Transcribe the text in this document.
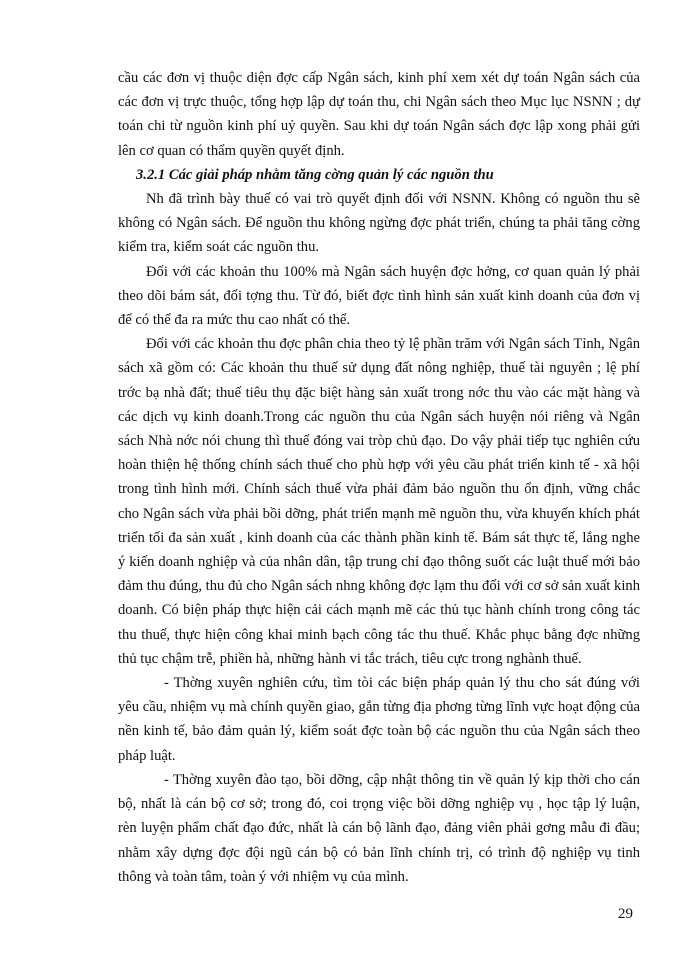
cầu các đơn vị thuộc diện đợc cấp Ngân sách, kinh phí xem xét dự toán Ngân sách của các đơn vị trực thuộc, tổng hợp lập dự toán thu, chi Ngân sách theo Mục lục NSNN ; dự toán chi từ nguồn kinh phí uỷ quyền. Sau khi dự toán Ngân sách đợc lập xong phải gửi lên cơ quan có thẩm quyền quyết định.

3.2.1 Các giải pháp nhằm tăng cờng quản lý các nguồn thu

Nh đã trình bày thuế có vai trò quyết định đối với NSNN. Không có nguồn thu sẽ không có Ngân sách. Để nguồn thu không ngừng đợc phát triển, chúng ta phải tăng cờng kiểm tra, kiểm soát các nguồn thu.

Đối với các khoản thu 100% mà Ngân sách huyện đợc hởng, cơ quan quản lý phải theo dõi bám sát, đối tợng thu. Từ đó, biết đợc tình hình sản xuất kinh doanh của đơn vị để có thể đa ra mức thu cao nhất có thể.

Đối với các khoản thu đợc phân chia theo tỷ lệ phần trăm với Ngân sách Tỉnh, Ngân sách xã gồm có: Các khoản thu thuế sử dụng đất nông nghiệp, thuế tài nguyên ; lệ phí trớc bạ nhà đất; thuế tiêu thụ đặc biệt hàng sản xuất trong nớc thu vào các mặt hàng và các dịch vụ kinh doanh.Trong các nguồn thu của Ngân sách huyện nói riêng và Ngân sách Nhà nớc nói chung thì thuế đóng vai tròp chủ đạo. Do vậy phải tiếp tục nghiên cứu hoàn thiện hệ thống chính sách thuế cho phù hợp với yêu cầu phát triển kinh tế - xã hội trong tình hình mới. Chính sách thuế vừa phải đảm bảo nguồn thu ổn định, vững chắc cho Ngân sách vừa phải bồi dỡng, phát triển mạnh mẽ nguồn thu, vừa khuyến khích phát triển tối đa sản xuất , kinh doanh của các thành phần kinh tế. Bám sát thực tế, lắng nghe ý kiến doanh nghiệp và của nhân dân, tập trung chỉ đạo thông suốt các luật thuế mới bảo đảm thu đúng, thu đủ cho Ngân sách nhng không đợc lạm thu đối với cơ sở sản xuất kinh doanh. Có biện pháp thực hiện cải cách mạnh mẽ các thủ tục hành chính trong công tác thu thuế, thực hiện công khai minh bạch công tác thu thuế. Khắc phục bằng đợc những thủ tục chậm trễ, phiền hà, những hành vi tắc trách, tiêu cực trong nghành thuế.

- Thờng xuyên nghiên cứu, tìm tòi các biện pháp quản lý thu cho sát đúng với yêu cầu, nhiệm vụ mà chính quyền giao, gắn từng địa phơng từng lĩnh vực hoạt động của nền kinh tế, bảo đảm quản lý, kiểm soát đợc toàn bộ các nguồn thu của Ngân sách theo pháp luật.

- Thờng xuyên đào tạo, bồi dỡng, cập nhật thông tin về quản lý kịp thời cho cán bộ, nhất là cán bộ cơ sở; trong đó, coi trọng việc bồi dỡng nghiệp vụ , học tập lý luận, rèn luyện phẩm chất đạo đức, nhất là cán bộ lãnh đạo, đảng viên phải gơng mẫu đi đầu; nhằm xây dựng đợc đội ngũ cán bộ có bản lĩnh chính trị, có trình độ nghiệp vụ tinh thông và toàn tâm, toàn ý với nhiệm vụ của mình.

29
